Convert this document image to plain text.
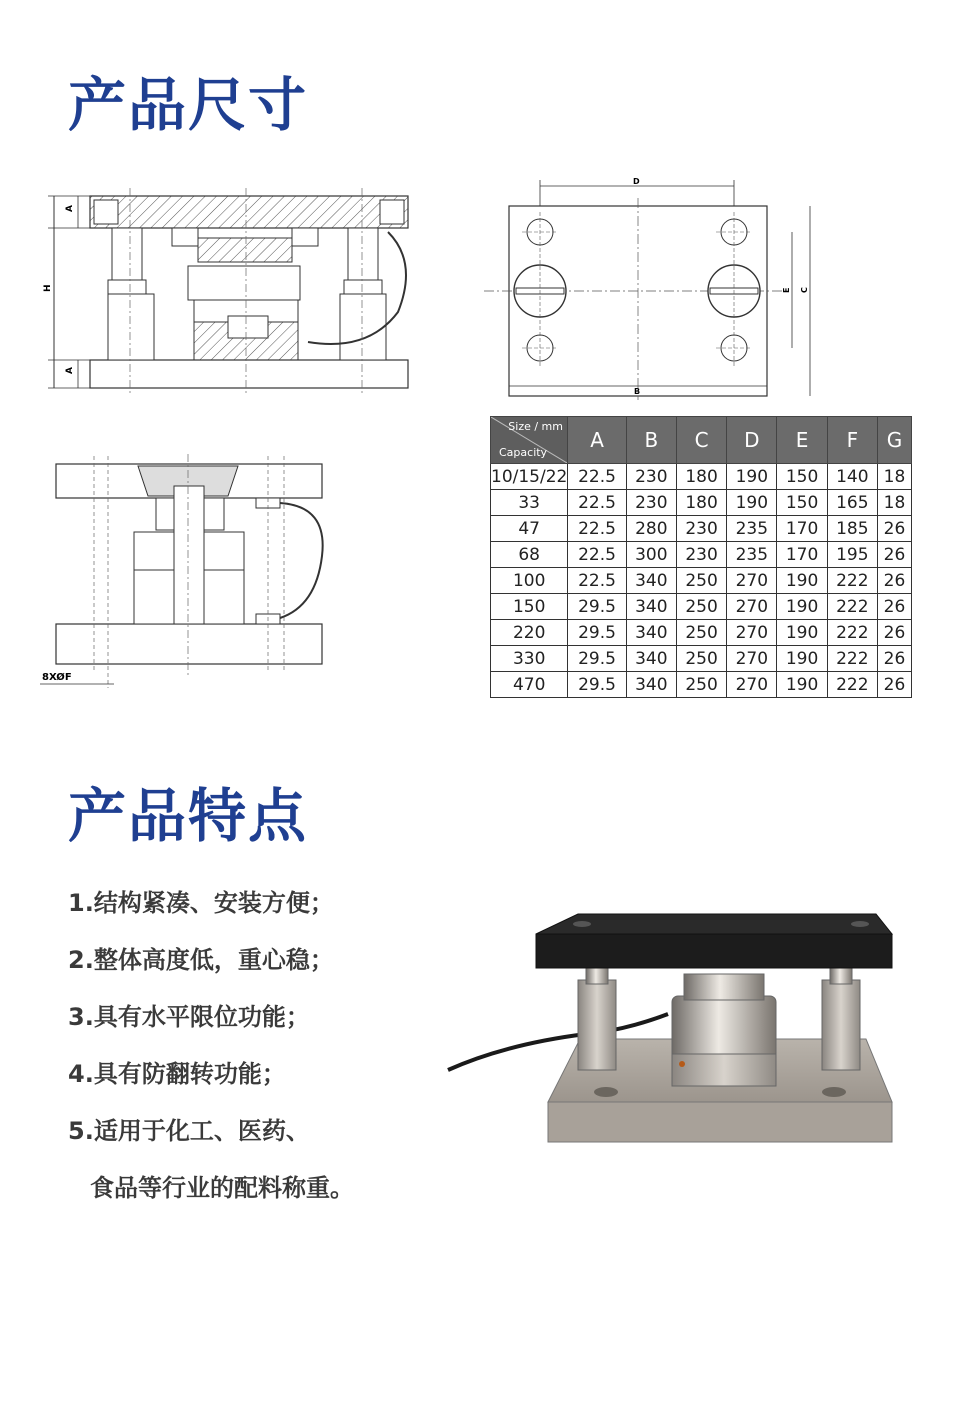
产品尺寸
A
H
A
D
B
E C
8XØF
Size / mm
Capacity	A	B	C	D	E	F	G
10/15/22	22.5	230	180	190	150	140	18
33	22.5	230	180	190	150	165	18
47	22.5	280	230	235	170	185	26
68	22.5	300	230	235	170	195	26
100	22.5	340	250	270	190	222	26
150	29.5	340	250	270	190	222	26
220	29.5	340	250	270	190	222	26
330	29.5	340	250	270	190	222	26
470	29.5	340	250	270	190	222	26
产品特点
1.结构紧凑、安装方便；
2.整体高度低，重心稳；
3.具有水平限位功能；
4.具有防翻转功能；
5.适用于化工、医药、
食品等行业的配料称重。
